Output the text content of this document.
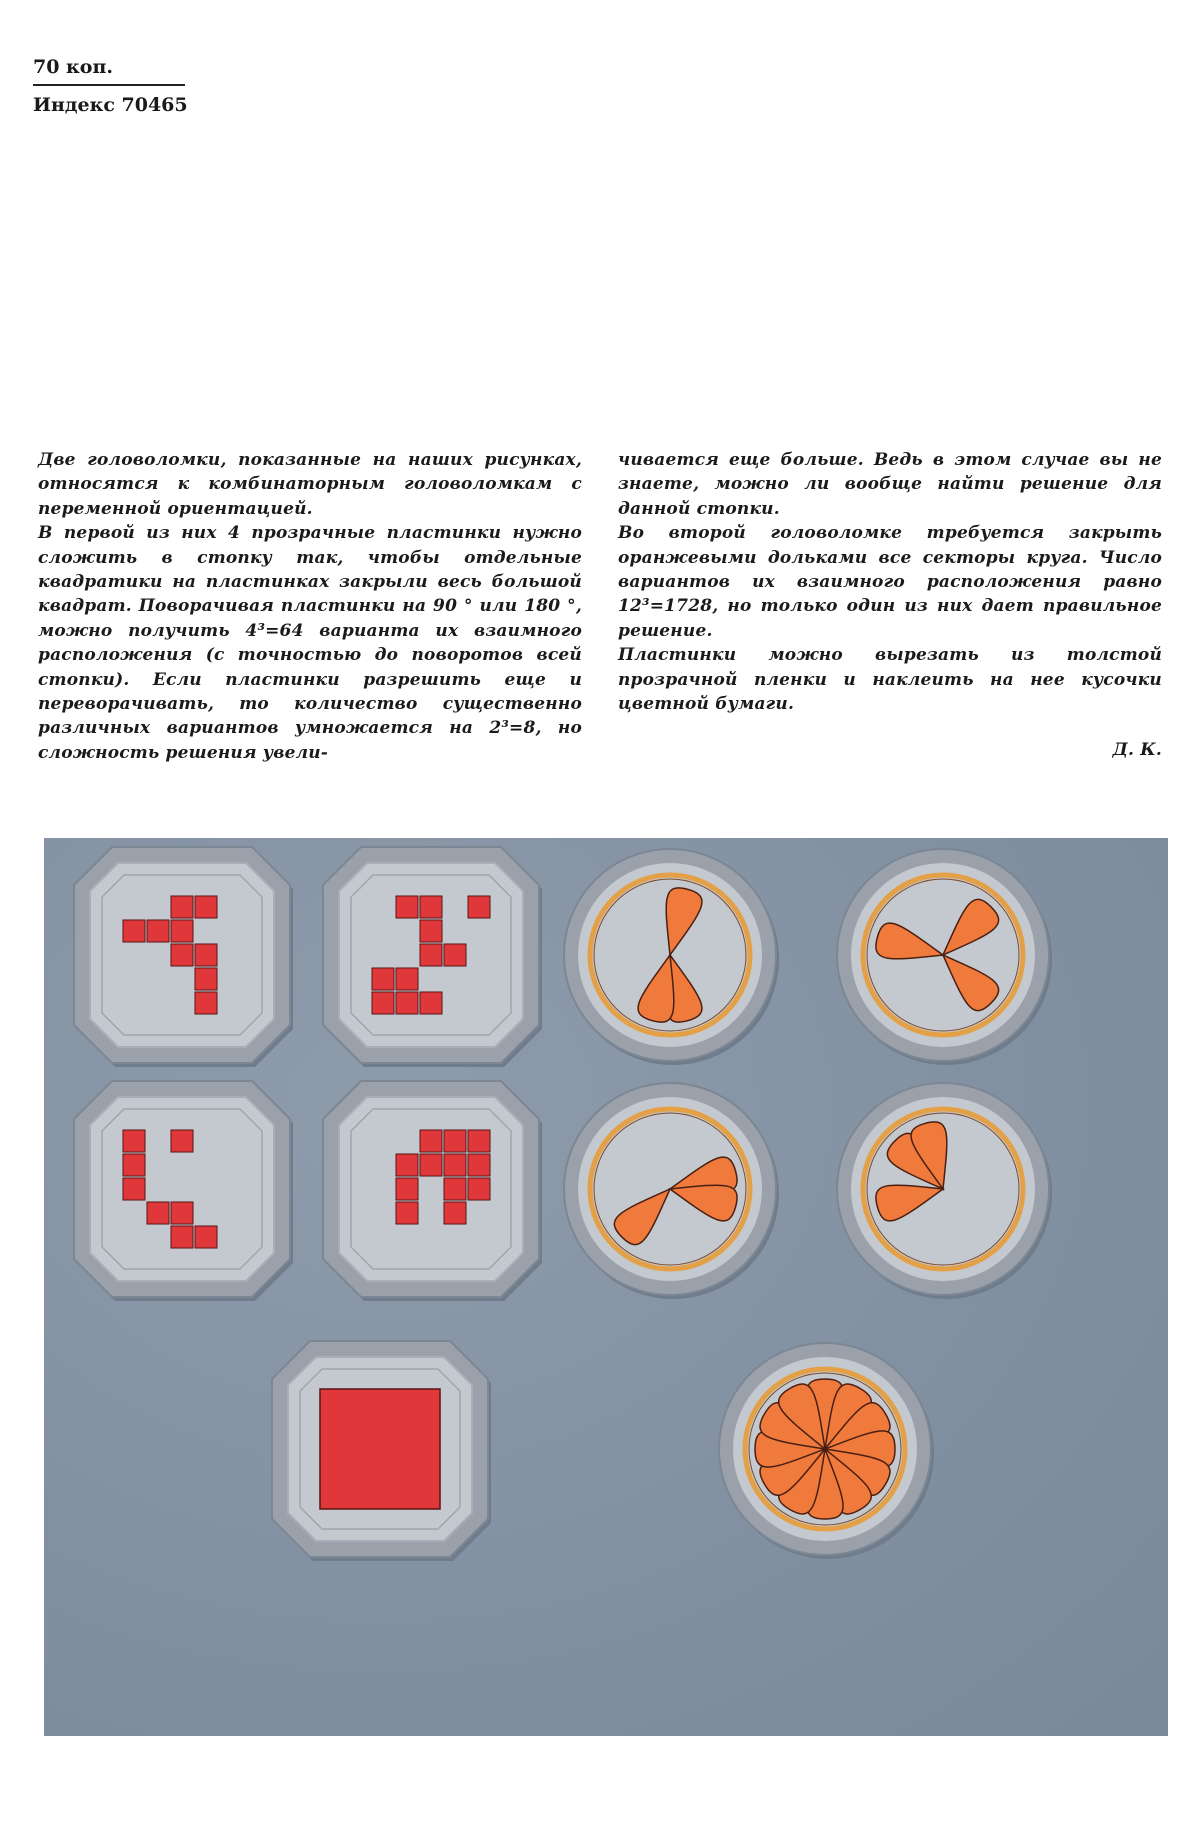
70 коп.
Индекс 70465

Две головоломки, показанные на наших рисунках, относятся к комбинаторным головоломкам с переменной ориентацией.

В первой из них 4 прозрачные пластинки нужно сложить в стопку так, чтобы отдельные квадратики на пластинках закрыли весь большой квадрат. Поворачивая пластинки на 90 ° или 180 °, можно получить 4³=64 варианта их взаимного расположения (с точностью до поворотов всей стопки). Если пластинки разрешить еще и переворачивать, то количество существенно различных вариантов умножается на 2³=8, но сложность решения увели-

чивается еще больше. Ведь в этом случае вы не знаете, можно ли вообще найти решение для данной стопки.

Во второй головоломке требуется закрыть оранжевыми дольками все секторы круга. Число вариантов их взаимного расположения равно 12³=1728, но только один из них дает правильное решение.

Пластинки можно вырезать из толстой прозрачной пленки и наклеить на нее кусочки цветной бумаги.

Д. К.
